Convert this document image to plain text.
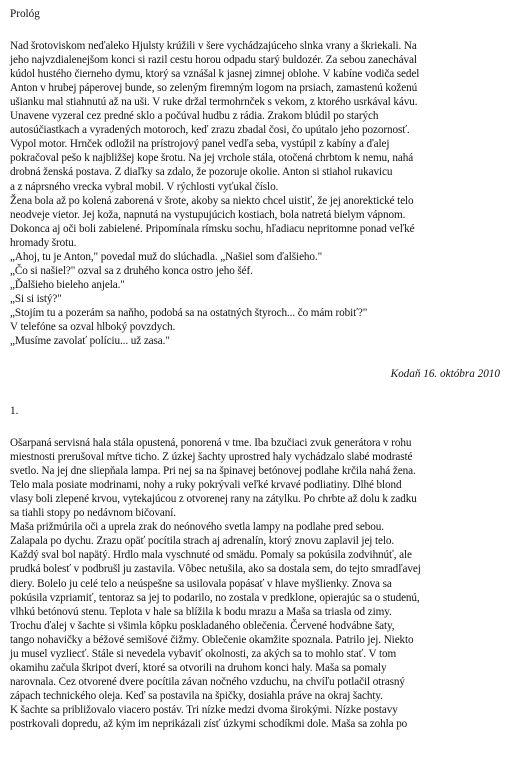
Prológ
Nad šrotoviskom neďaleko Hjulsty krúžili v šere vychádzajúceho slnka vrany a škriekali. Na
jeho najvzdialenejšom konci si razil cestu horou odpadu starý buldozér. Za sebou zanechával
kúdol hustého čierneho dymu, ktorý sa vznášal k jasnej zimnej oblohe. V kabíne vodiča sedel
Anton v hrubej páperovej bunde, so zeleným firemným logom na prsiach, zamastenú koženú
ušianku mal stiahnutú až na uši. V ruke držal termohrnček s vekom, z ktorého usrkával kávu.
Unavene vyzeral cez predné sklo a počúval hudbu z rádia. Zrakom blúdil po starých
autosúčiastkach a vyradených motoroch, keď zrazu zbadal čosi, čo upútalo jeho pozornosť.
Vypol motor. Hrnček odložil na prístrojový panel vedľa seba, vystúpil z kabíny a ďalej
pokračoval pešo k najbližšej kope šrotu. Na jej vrchole stála, otočená chrbtom k nemu, nahá
drobná ženská postava. Z diaľky sa zdalo, že pozoruje okolie. Anton si stiahol rukavicu
a z náprsného vrecka vybral mobil. V rýchlosti vyťukal číslo.
Žena bola až po kolená zaborená v šrote, akoby sa niekto chcel uistiť, že jej anorektické telo
neodveje vietor. Jej koža, napnutá na vystupujúcich kostiach, bola natretá bielym vápnom.
Dokonca aj oči boli zabielené. Pripomínala rímsku sochu, hľadiacu nepritomne ponad veľké
hromady šrotu.
„Ahoj, tu je Anton," povedal muž do slúchadla. „Našiel som ďalšieho."
„Čo si našiel?" ozval sa z druhého konca ostro jeho šéf.
„Ďalšieho bieleho anjela."
„Si si istý?"
„Stojím tu a pozerám sa naňho, podobá sa na ostatných štyroch... čo mám robiť?"
V telefóne sa ozval hlboký povzdych.
„Musíme zavolať políciu... už zasa."
Kodaň 16. októbra 2010
1.
Ošarpaná servisná hala stála opustená, ponorená v tme. Iba bzučiaci zvuk generátora v rohu
miestnosti prerušoval mŕtve ticho. Z úzkej šachty uprostred haly vychádzalo slabé modrasté
svetlo. Na jej dne sliepňala lampa. Pri nej sa na špinavej betónovej podlahe krčila nahá žena.
Telo mala posiate modrinami, nohy a ruky pokrývali veľké krvavé podliatiny. Dlhé blond
vlasy boli zlepené krvou, vytekajúcou z otvorenej rany na zátylku. Po chrbte až dolu k zadku
sa tiahli stopy po nedávnom bičovaní.
Maša prižmúrila oči a uprela zrak do neónového svetla lampy na podlahe pred sebou.
Zalapala po dychu. Zrazu opäť pocítila strach aj adrenalín, ktorý znovu zaplavil jej telo.
Každý sval bol napätý. Hrdlo mala vyschnuté od smädu. Pomaly sa pokúsila zodvihnúť, ale
prudká bolesť v podbrušl ju zastavila. Vôbec netušila, ako sa dostala sem, do tejto smradľavej
diery. Bolelo ju celé telo a neúspešne sa usilovala popásať v hlave myšlienky. Znova sa
pokúsila vzpriamiť, tentoraz sa jej to podarilo, no zostala v predklone, opierajúc sa o studenú,
vlhkú betónovú stenu. Teplota v hale sa blížila k bodu mrazu a Maša sa triasla od zimy.
Trochu ďalej v šachte si všimla kôpku poskladaného oblečenia. Červené hodvábne šaty,
tango nohavičky a béžové semišové čižmy. Oblečenie okamžite spoznala. Patrilo jej. Niekto
ju musel vyzliecť. Stále si nevedela vybaviť okolnosti, za akých sa to mohlo stať. V tom
okamihu začula škripot dverí, ktoré sa otvorili na druhom konci haly. Maša sa pomaly
narovnala. Cez otvorené dvere pocítila závan nočného vzduchu, na chvíľu potlačil otrasný
zápach technického oleja. Keď sa postavila na špičky, dosiahla práve na okraj šachty.
K šachte sa približovalo viacero postáv. Tri nízke medzi dvoma širokými. Nízke postavy
postrkovali dopredu, až kým im neprikázali zísť úzkymi schodíkmi dole. Maša sa zohla po
